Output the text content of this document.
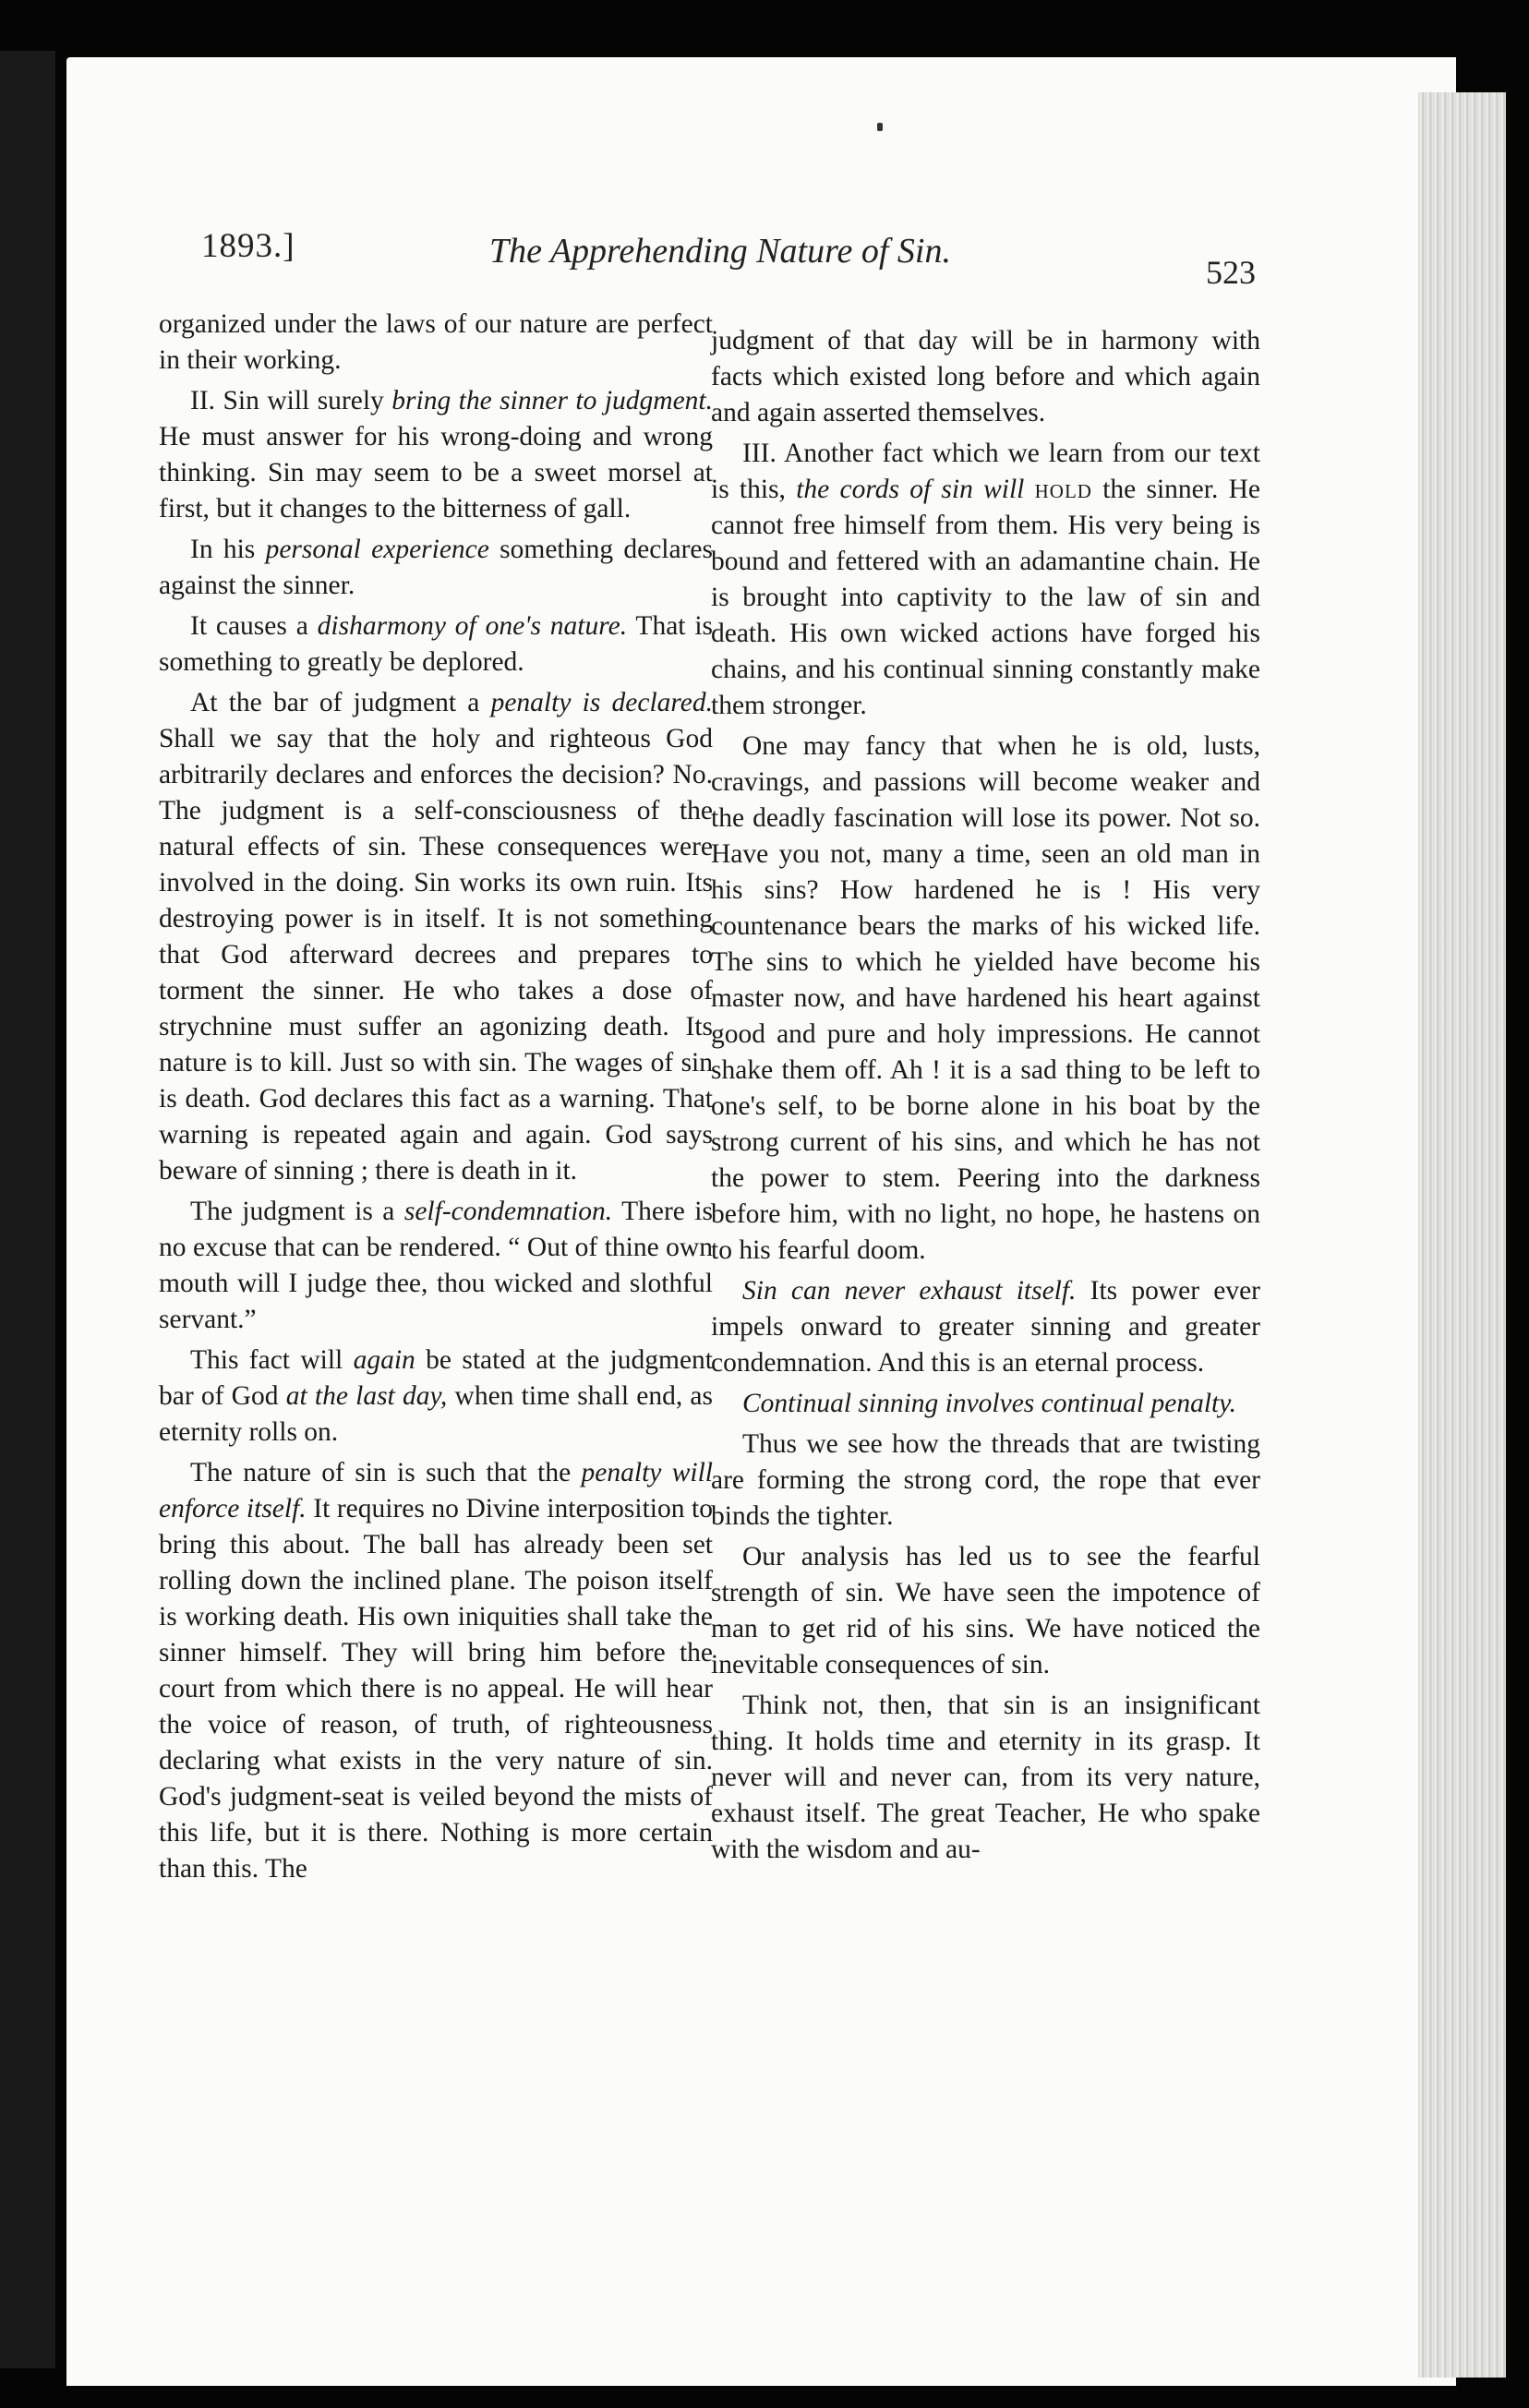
1893.]	The Apprehending Nature of Sin.
523

organized under the laws of our nature are perfect in their working.

II. Sin will surely bring the sinner to judgment. He must answer for his wrong-doing and wrong thinking. Sin may seem to be a sweet morsel at first, but it changes to the bitterness of gall.

In his personal experience something declares against the sinner.

It causes a disharmony of one's nature. That is something to greatly be deplored.

At the bar of judgment a penalty is declared. Shall we say that the holy and righteous God arbitrarily declares and enforces the decision? No. The judgment is a self-consciousness of the natural effects of sin. These consequences were involved in the doing. Sin works its own ruin. Its destroying power is in itself. It is not something that God afterward decrees and prepares to torment the sinner. He who takes a dose of strychnine must suffer an agonizing death. Its nature is to kill. Just so with sin. The wages of sin is death. God declares this fact as a warning. That warning is repeated again and again. God says beware of sinning ; there is death in it.

The judgment is a self-condemnation. There is no excuse that can be rendered. “ Out of thine own mouth will I judge thee, thou wicked and slothful servant.”

This fact will again be stated at the judgment bar of God at the last day, when time shall end, as eternity rolls on.

The nature of sin is such that the penalty will enforce itself. It requires no Divine interposition to bring this about. The ball has already been set rolling down the inclined plane. The poison itself is working death. His own iniquities shall take the sinner himself. They will bring him before the court from which there is no appeal. He will hear the voice of reason, of truth, of righteousness declaring what exists in the very nature of sin. God's judgment-seat is veiled beyond the mists of this life, but it is there. Nothing is more certain than this. The

judgment of that day will be in harmony with facts which existed long before and which again and again asserted themselves.

III. Another fact which we learn from our text is this, the cords of sin will hold the sinner. He cannot free himself from them. His very being is bound and fettered with an adamantine chain. He is brought into captivity to the law of sin and death. His own wicked actions have forged his chains, and his continual sinning constantly make them stronger.

One may fancy that when he is old, lusts, cravings, and passions will become weaker and the deadly fascination will lose its power. Not so. Have you not, many a time, seen an old man in his sins? How hardened he is ! His very countenance bears the marks of his wicked life. The sins to which he yielded have become his master now, and have hardened his heart against good and pure and holy impressions. He cannot shake them off. Ah ! it is a sad thing to be left to one's self, to be borne alone in his boat by the strong current of his sins, and which he has not the power to stem. Peering into the darkness before him, with no light, no hope, he hastens on to his fearful doom.

Sin can never exhaust itself. Its power ever impels onward to greater sinning and greater condemnation. And this is an eternal process.

Continual sinning involves continual penalty.

Thus we see how the threads that are twisting are forming the strong cord, the rope that ever binds the tighter.

Our analysis has led us to see the fearful strength of sin. We have seen the impotence of man to get rid of his sins. We have noticed the inevitable consequences of sin.

Think not, then, that sin is an insignificant thing. It holds time and eternity in its grasp. It never will and never can, from its very nature, exhaust itself. The great Teacher, He who spake with the wisdom and au-
